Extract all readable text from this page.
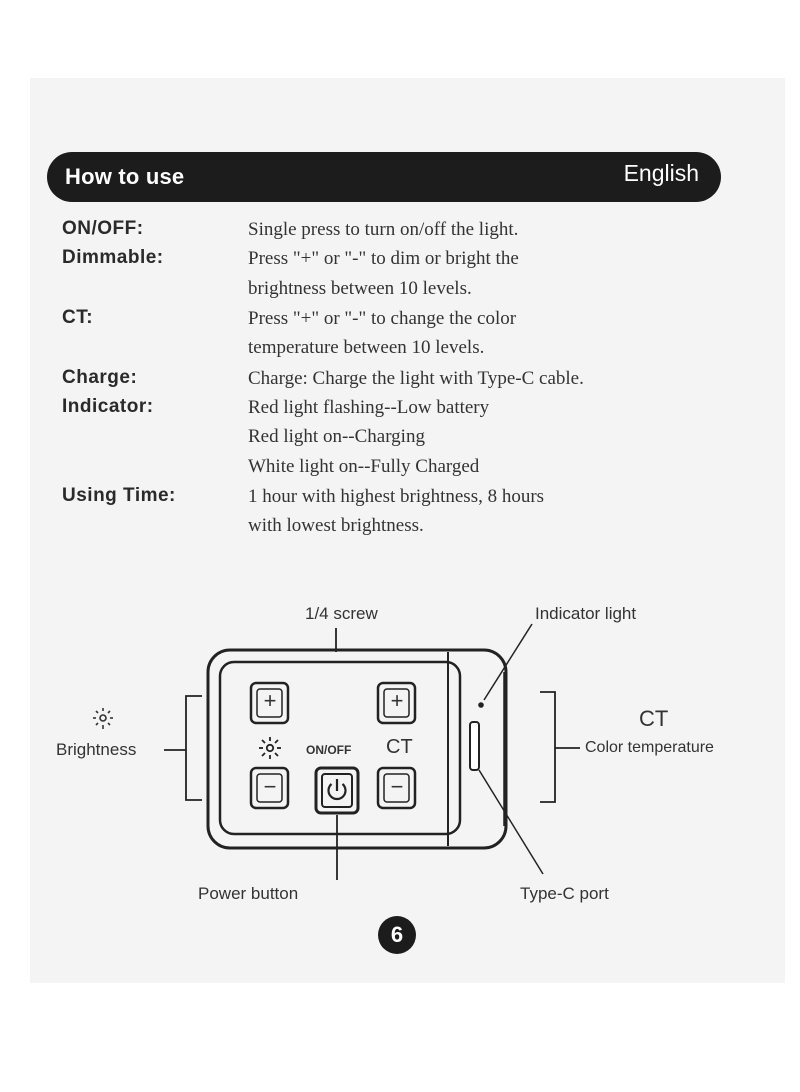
How to use	English
ON/OFF:	Single press to turn on/off the light.
Dimmable:	Press "+" or "-" to dim or bright the
brightness between 10 levels.
CT:	Press "+" or "-" to change the color
temperature between 10 levels.
Charge:	Charge: Charge the light with Type-C cable.
Indicator:	Red light flashing--Low battery
Red light on--Charging
White light on--Fully Charged
Using Time:	1 hour with highest brightness, 8 hours
with lowest brightness.
+	+
−	−
1/4 screw	Indicator light
Brightness
CT
Color temperature
ON/OFF CT
Power button	Type-C port
6
